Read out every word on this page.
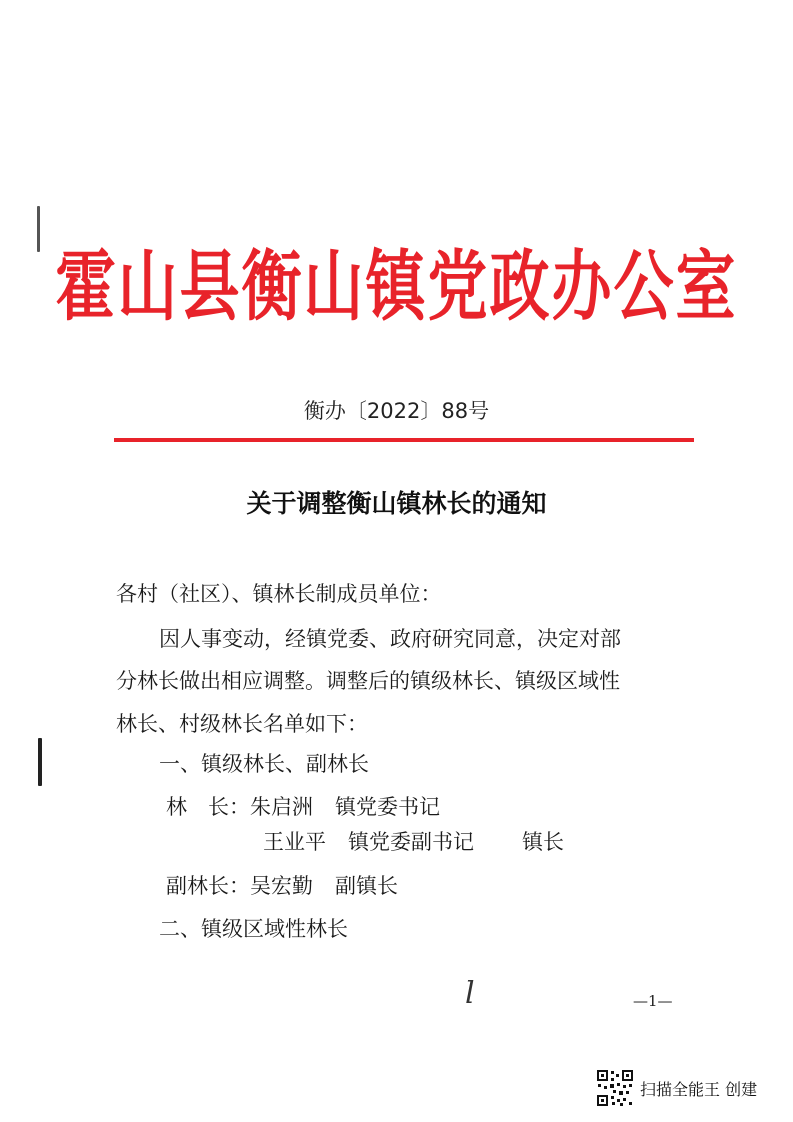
霍山县衡山镇党政办公室
衡办〔2022〕88号
关于调整衡山镇林长的通知
各村（社区）、镇林长制成员单位：
因人事变动，经镇党委、政府研究同意，决定对部
分林长做出相应调整。调整后的镇级林长、镇级区域性
林长、村级林长名单如下：
一、镇级林长、副林长
林　长：朱启洲 镇党委书记
王业平 镇党委副书记 镇长
副林长：吴宏勤 副镇长
二、镇级区域性林长
l	—1—
扫描全能王 创建
